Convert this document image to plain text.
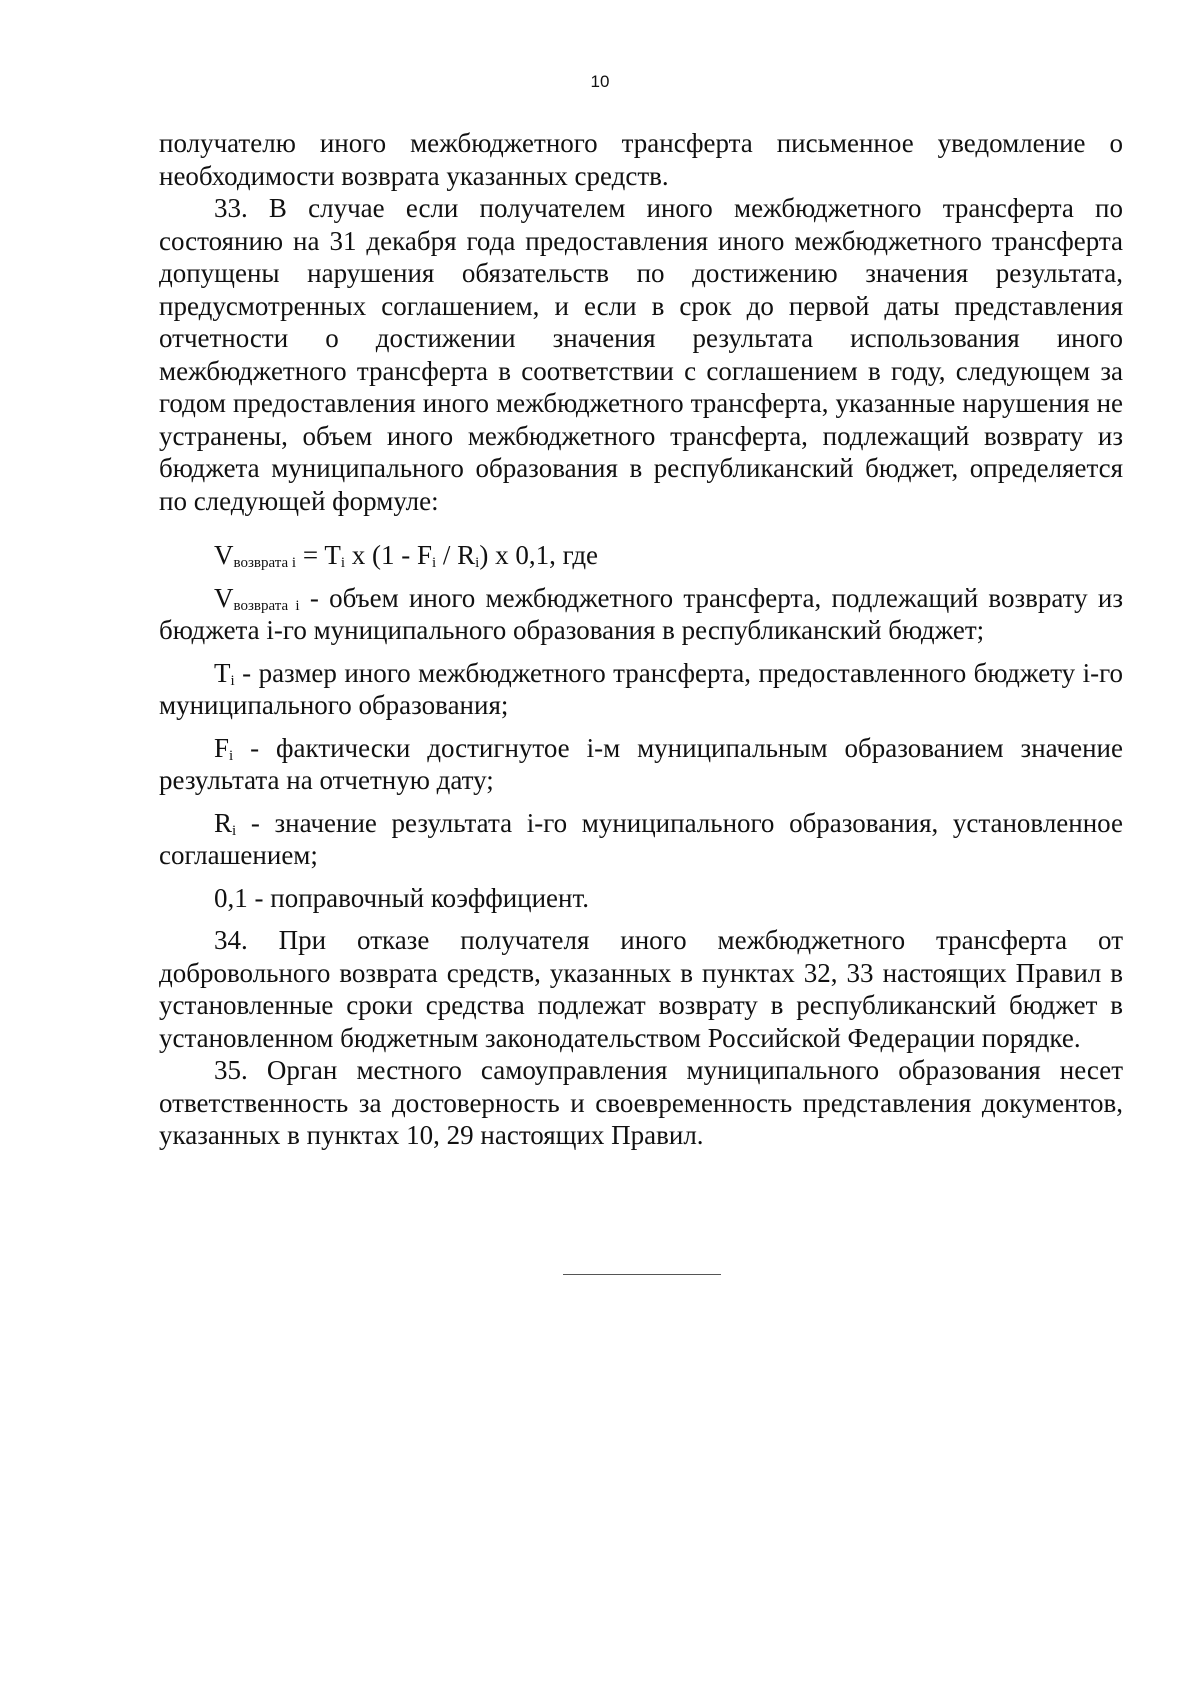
10

получателю иного межбюджетного трансферта письменное уведомление о необходимости возврата указанных средств.

33. В случае если получателем иного межбюджетного трансферта по состоянию на 31 декабря года предоставления иного межбюджетного трансферта допущены нарушения обязательств по достижению значения результата, предусмотренных соглашением, и если в срок до первой даты представления отчетности о достижении значения результата использования иного межбюджетного трансферта в соответствии с соглашением в году, следующем за годом предоставления иного межбюджетного трансферта, указанные нарушения не устранены, объем иного межбюджетного трансферта, подлежащий возврату из бюджета муниципального образования в республиканский бюджет, определяется по следующей формуле:

$V_{возврата i} = T_i$ x $(1 - F_i / R_i)$ x 0,1, где

$V_{возврата i}$ - объем иного межбюджетного трансферта, подлежащий возврату из бюджета i-го муниципального образования в республиканский бюджет;

$T_i$ - размер иного межбюджетного трансферта, предоставленного бюджету i-го муниципального образования;

$F_i$ - фактически достигнутое i-м муниципальным образованием значение результата на отчетную дату;

$R_i$ - значение результата i-го муниципального образования, установленное соглашением;

0,1 - поправочный коэффициент.

34. При отказе получателя иного межбюджетного трансферта от добровольного возврата средств, указанных в пунктах 32, 33 настоящих Правил в установленные сроки средства подлежат возврату в республиканский бюджет в установленном бюджетным законодательством Российской Федерации порядке.

35. Орган местного самоуправления муниципального образования несет ответственность за достоверность и своевременность представления документов, указанных в пунктах 10, 29 настоящих Правил.
